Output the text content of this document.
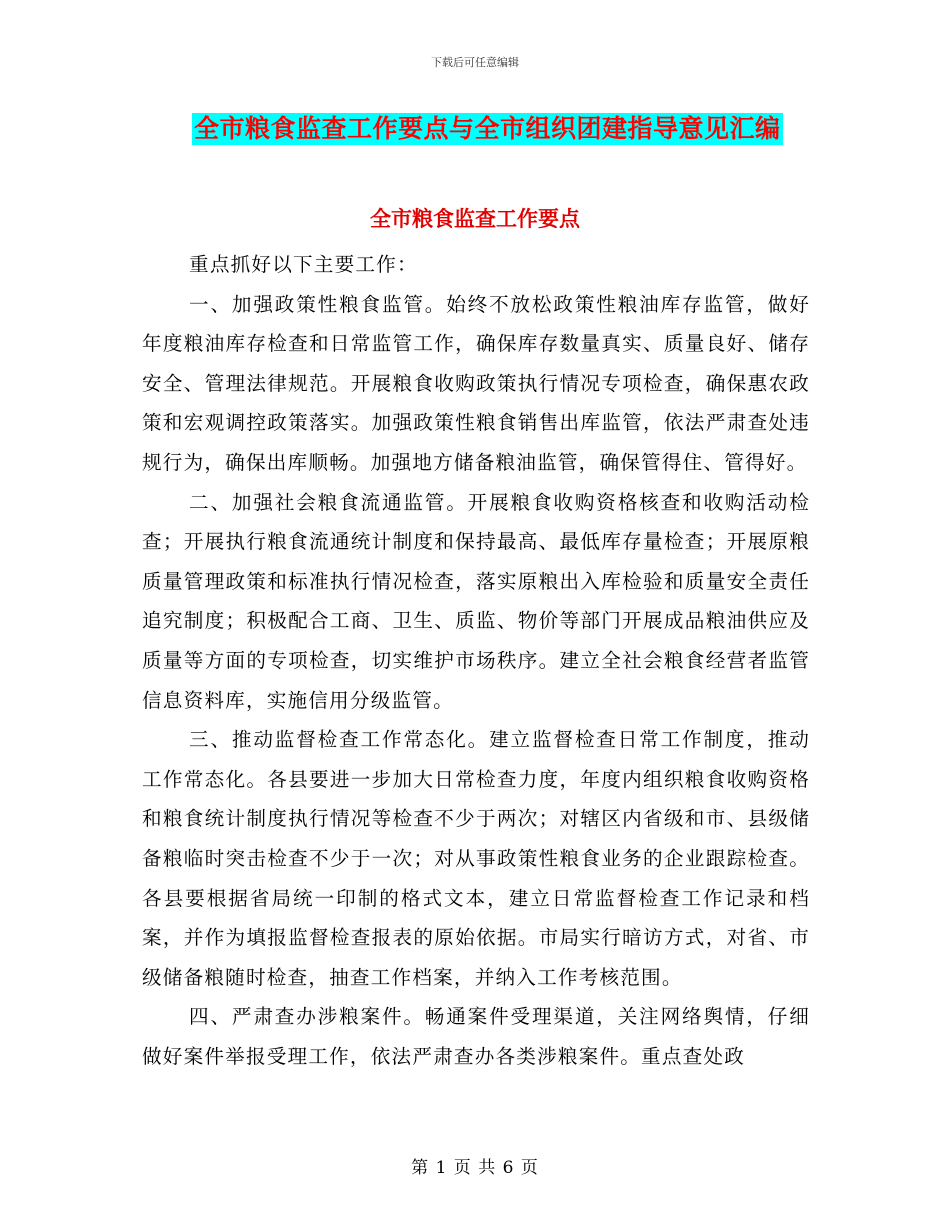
下载后可任意编辑
全市粮食监查工作要点与全市组织团建指导意见汇编
全市粮食监查工作要点

重点抓好以下主要工作：

一、加强政策性粮食监管。始终不放松政策性粮油库存监管，做好年度粮油库存检查和日常监管工作，确保库存数量真实、质量良好、储存安全、管理法律规范。开展粮食收购政策执行情况专项检查，确保惠农政策和宏观调控政策落实。加强政策性粮食销售出库监管，依法严肃查处违规行为，确保出库顺畅。加强地方储备粮油监管，确保管得住、管得好。

二、加强社会粮食流通监管。开展粮食收购资格核查和收购活动检查；开展执行粮食流通统计制度和保持最高、最低库存量检查；开展原粮质量管理政策和标准执行情况检查，落实原粮出入库检验和质量安全责任追究制度；积极配合工商、卫生、质监、物价等部门开展成品粮油供应及质量等方面的专项检查，切实维护市场秩序。建立全社会粮食经营者监管信息资料库，实施信用分级监管。

三、推动监督检查工作常态化。建立监督检查日常工作制度，推动工作常态化。各县要进一步加大日常检查力度，年度内组织粮食收购资格和粮食统计制度执行情况等检查不少于两次；对辖区内省级和市、县级储备粮临时突击检查不少于一次；对从事政策性粮食业务的企业跟踪检查。各县要根据省局统一印制的格式文本，建立日常监督检查工作记录和档案，并作为填报监督检查报表的原始依据。市局实行暗访方式，对省、市级储备粮随时检查，抽查工作档案，并纳入工作考核范围。

四、严肃查办涉粮案件。畅通案件受理渠道，关注网络舆情，仔细做好案件举报受理工作，依法严肃查办各类涉粮案件。重点查处政

第 1 页 共 6 页
